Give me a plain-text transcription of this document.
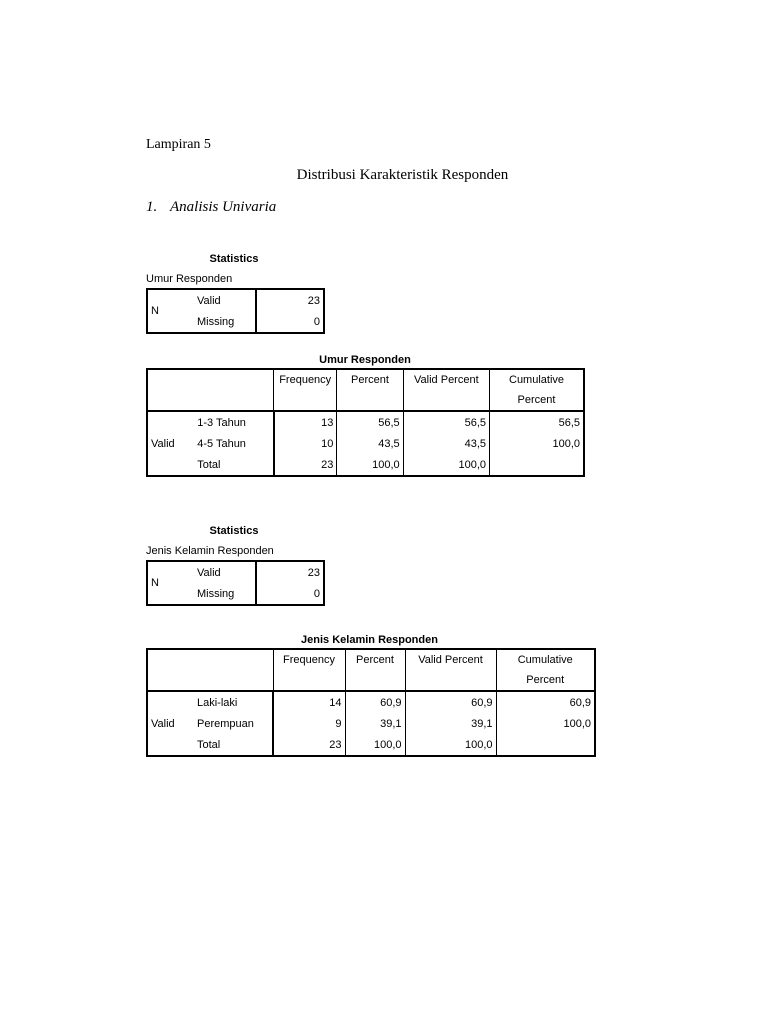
Lampiran 5
Distribusi Karakteristik Responden
1. Analisis Univaria
Statistics
Umur Responden
N	Valid	23
	Missing	0
Umur Responden
		Frequency	Percent	Valid Percent	Cumulative
					Percent
Valid	1-3 Tahun	13	56,5	56,5	56,5
	4-5 Tahun	10	43,5	43,5	100,0
	Total	23	100,0	100,0	
Statistics
Jenis Kelamin Responden
N	Valid	23
	Missing	0
Jenis Kelamin Responden
		Frequency	Percent	Valid Percent	Cumulative
					Percent
Valid	Laki-laki	14	60,9	60,9	60,9
	Perempuan	9	39,1	39,1	100,0
	Total	23	100,0	100,0	
